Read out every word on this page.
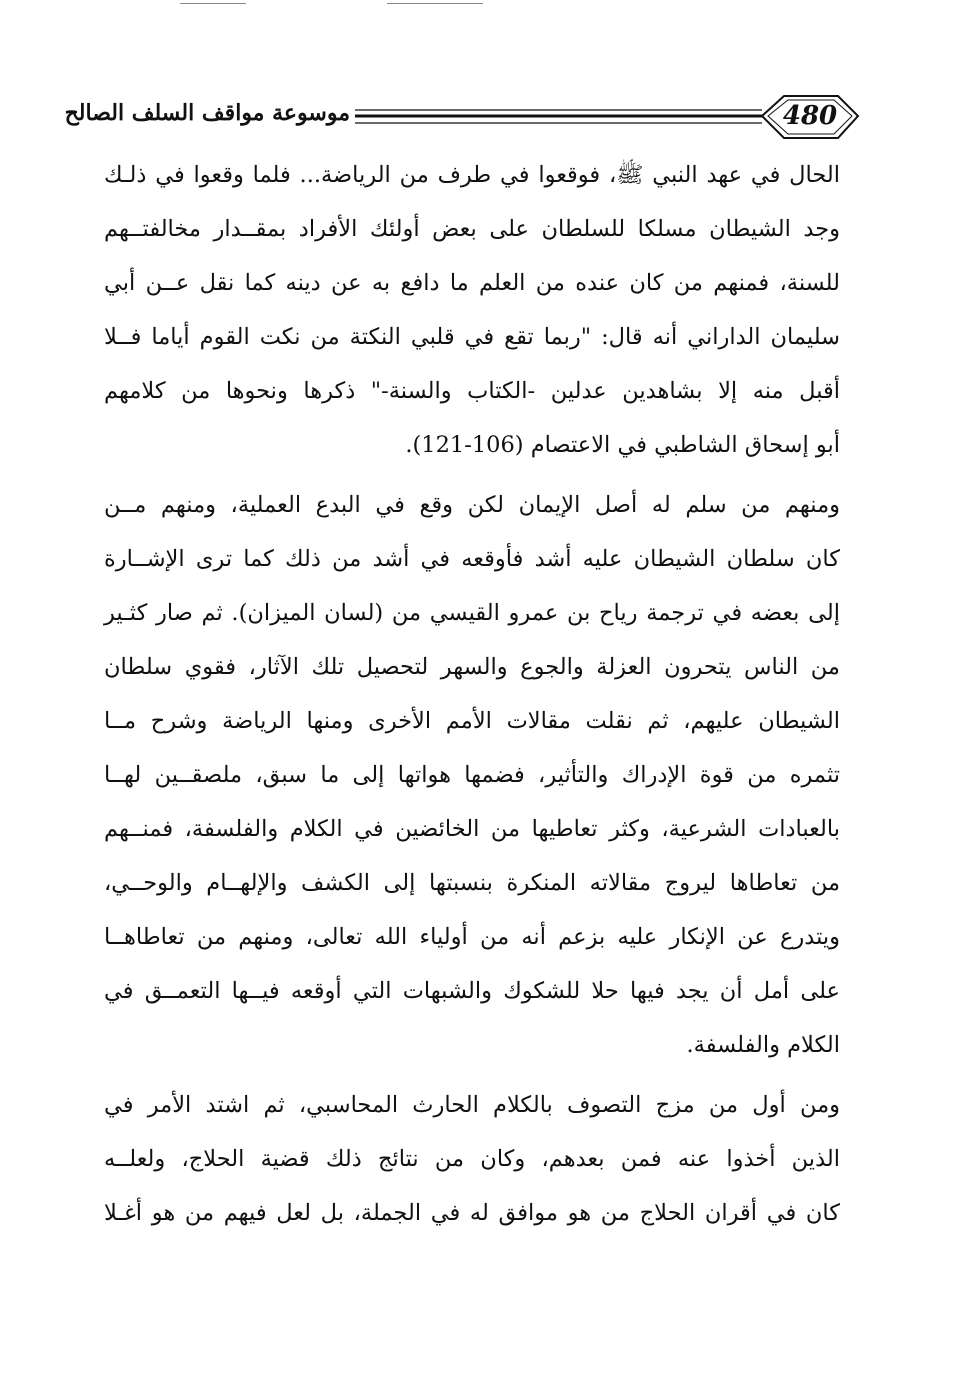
موسوعة مواقف السلف الصالح	480
الحال في عهد النبي ﷺ، فوقعوا في طرف من الرياضة... فلما وقعوا في ذلـك
وجد الشيطان مسلكا للسلطان على بعض أولئك الأفراد بمقــدار مخالفتــهم
للسنة، فمنهم من كان عنده من العلم ما دافع به عن دينه كما نقل عــن أبي
سليمان الداراني أنه قال: "ربما تقع في قلبي النكتة من نكت القوم أياما فــلا
أقبل منه إلا بشاهدين عدلين -الكتاب والسنة-" ذكرها ونحوها من كلامهم
أبو إسحاق الشاطبي في الاعتصام (106-121).
ومنهم من سلم له أصل الإيمان لكن وقع في البدع العملية، ومنهم مــن
كان سلطان الشيطان عليه أشد فأوقعه في أشد من ذلك كما ترى الإشــارة
إلى بعضه في ترجمة رياح بن عمرو القيسي من (لسان الميزان). ثم صار كثـير
من الناس يتحرون العزلة والجوع والسهر لتحصيل تلك الآثار، فقوي سلطان
الشيطان عليهم، ثم نقلت مقالات الأمم الأخرى ومنها الرياضة وشرح مــا
تثمره من قوة الإدراك والتأثير، فضمها هواتها إلى ما سبق، ملصقــين لهــا
بالعبادات الشرعية، وكثر تعاطيها من الخائضين في الكلام والفلسفة، فمنــهم
من تعاطاها ليروج مقالاته المنكرة بنسبتها إلى الكشف والإلهــام والوحــي،
ويتدرع عن الإنكار عليه بزعم أنه من أولياء الله تعالى، ومنهم من تعاطاهــا
على أمل أن يجد فيها حلا للشكوك والشبهات التي أوقعه فيــها التعمــق في
الكلام والفلسفة.
ومن أول من مزج التصوف بالكلام الحارث المحاسبي، ثم اشتد الأمر في
الذين أخذوا عنه فمن بعدهم، وكان من نتائج ذلك قضية الحلاج، ولعلــه
كان في أقران الحلاج من هو موافق له في الجملة، بل لعل فيهم من هو أغـلا
